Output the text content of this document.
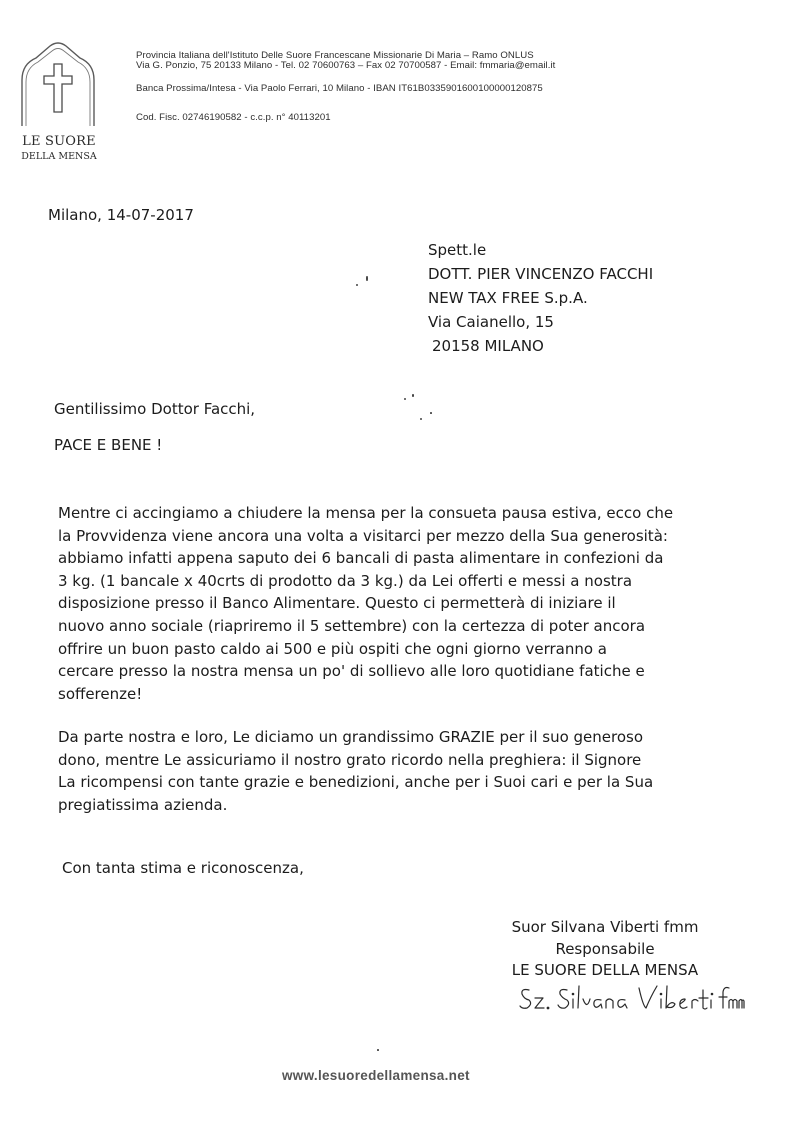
LE SUORE
DELLA MENSA
Provincia Italiana dell'Istituto Delle Suore Francescane Missionarie Di Maria – Ramo ONLUS
Via G. Ponzio, 75 20133 Milano - Tel. 02 70600763 – Fax 02 70700587 - Email: fmmaria@email.it
Banca Prossima/Intesa - Via Paolo Ferrari, 10 Milano - IBAN IT61B0335901600100000120875
Cod. Fisc. 02746190582 - c.c.p. n° 40113201
Milano, 14-07-2017
Spett.le
DOTT. PIER VINCENZO FACCHI
NEW TAX FREE S.p.A.
Via Caianello, 15
20158 MILANO
Gentilissimo Dottor Facchi,
PACE E BENE !
Mentre ci accingiamo a chiudere la mensa per la consueta pausa estiva, ecco che
la Provvidenza viene ancora una volta a visitarci per mezzo della Sua generosità:
abbiamo infatti appena saputo dei 6 bancali di pasta alimentare in confezioni da
3 kg. (1 bancale x 40crts di prodotto da 3 kg.) da Lei offerti e messi a nostra
disposizione presso il Banco Alimentare. Questo ci permetterà di iniziare il
nuovo anno sociale (riapriremo il 5 settembre) con la certezza di poter ancora
offrire un buon pasto caldo ai 500 e più ospiti che ogni giorno verranno a
cercare presso la nostra mensa un po' di sollievo alle loro quotidiane fatiche e
sofferenze!
Da parte nostra e loro, Le diciamo un grandissimo GRAZIE per il suo generoso
dono, mentre Le assicuriamo il nostro grato ricordo nella preghiera: il Signore
La ricompensi con tante grazie e benedizioni, anche per i Suoi cari e per la Sua
pregiatissima azienda.
Con tanta stima e riconoscenza,
Suor Silvana Viberti fmm
Responsabile
LE SUORE DELLA MENSA
www.lesuoredellamensa.net
